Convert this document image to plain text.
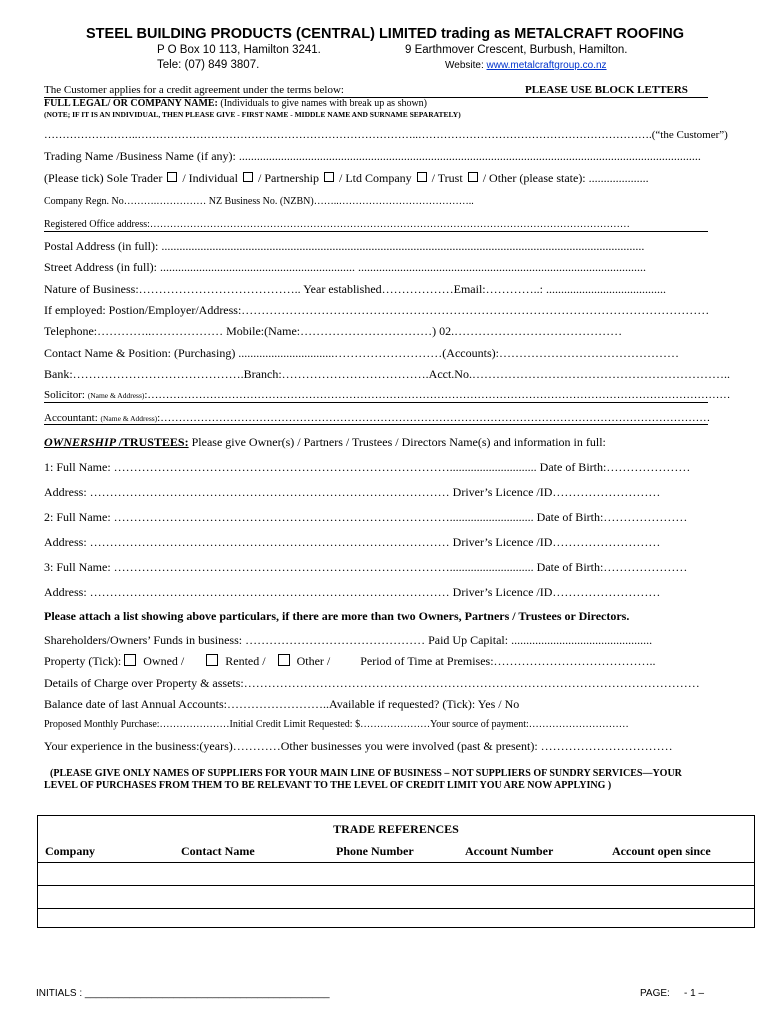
STEEL BUILDING PRODUCTS (CENTRAL) LIMITED trading as METALCRAFT ROOFING
P O Box 10 113, Hamilton 3241.	9 Earthmover Crescent, Burbush, Hamilton.
Tele: (07) 849 3807.	Website: www.metalcraftgroup.co.nz
The Customer applies for a credit agreement under the terms below:	PLEASE USE BLOCK LETTERS
FULL LEGAL/ OR COMPANY NAME: (Individuals to give names with break up as shown)
(NOTE; IF IT IS AN INDIVIDUAL, THEN PLEASE GIVE - FIRST NAME - MIDDLE NAME AND SURNAME SEPARATELY)
……………………..…………………………………………………………………..……………………………………………………….(“the Customer”)
Trading Name /Business Name (if any): ..........................................................................................................................................................
(Please tick) Sole Trader  / Individual  / Partnership  / Ltd Company  / Trust  / Other (please state): ....................
Company Regn. No……….…………… NZ Business No. (NZBN)……..…………………………………..
Registered Office address:………………………………………………………………………………………………………………………………
Postal Address (in full): .................................................................................................................................................................
Street Address (in full): ................................................................. ................................................................................................
Nature of Business:………………………………….. Year established………………Email:…………..: ........................................
If employed: Postion/Employer/Address:………………………………………………………………………………………………………
Telephone:…………..……………… Mobile:(Name:……………………………) 02.……………………………………
Contact Name & Position: (Purchasing) ................................………………………(Accounts):………………………………………
Bank:…………………………………….Branch:……………………………….Acct.No.………………………………………………………..
Solicitor: (Name & Address):……………………………………………………………………………………………………………………………………………
Accountant: (Name & Address):……………………………………………………………………………………………………………………………………
OWNERSHIP /TRUSTEES: Please give Owner(s) / Partners / Trustees / Directors Name(s) and information in full:
1: Full Name: …………………………………………………………………………............................. Date of Birth:…………………
Address: ……………………………………………………………………………… Driver’s Licence /ID………………………
2: Full Name: …………………………………………………………………………............................ Date of Birth:…………………
Address: ……………………………………………………………………………… Driver’s Licence /ID………………………
3: Full Name: …………………………………………………………………………............................ Date of Birth:…………………
Address: ……………………………………………………………………………… Driver’s Licence /ID………………………
Please attach a list showing above particulars, if there are more than two Owners, Partners / Trustees or Directors.
Shareholders/Owners’ Funds in business: ……………………………………… Paid Up Capital: ...............................................
Property (Tick):  Owned /	Rented / Other /	Period of Time at Premises:…………………………………..
Details of Charge over Property & assets:……………………………………………………………………………………………………
Balance date of last Annual Accounts:……………………..Available if requested? (Tick): Yes / No
Proposed Monthly Purchase:…………………Initial Credit Limit Requested: $…………………Your source of payment:…………………………
Your experience in the business:(years)…………Other businesses you were involved (past & present): ……………………………
(PLEASE GIVE ONLY NAMES OF SUPPLIERS FOR YOUR MAIN LINE OF BUSINESS – NOT SUPPLIERS OF SUNDRY SERVICES—YOUR
LEVEL OF PURCHASES FROM THEM TO BE RELEVANT TO THE LEVEL OF CREDIT LIMIT YOU ARE NOW APPLYING )
TRADE REFERENCES
Company	Contact Name	Phone Number	Account Number	Account open since
INITIALS : ____________________________________________	PAGE: - 1 –
